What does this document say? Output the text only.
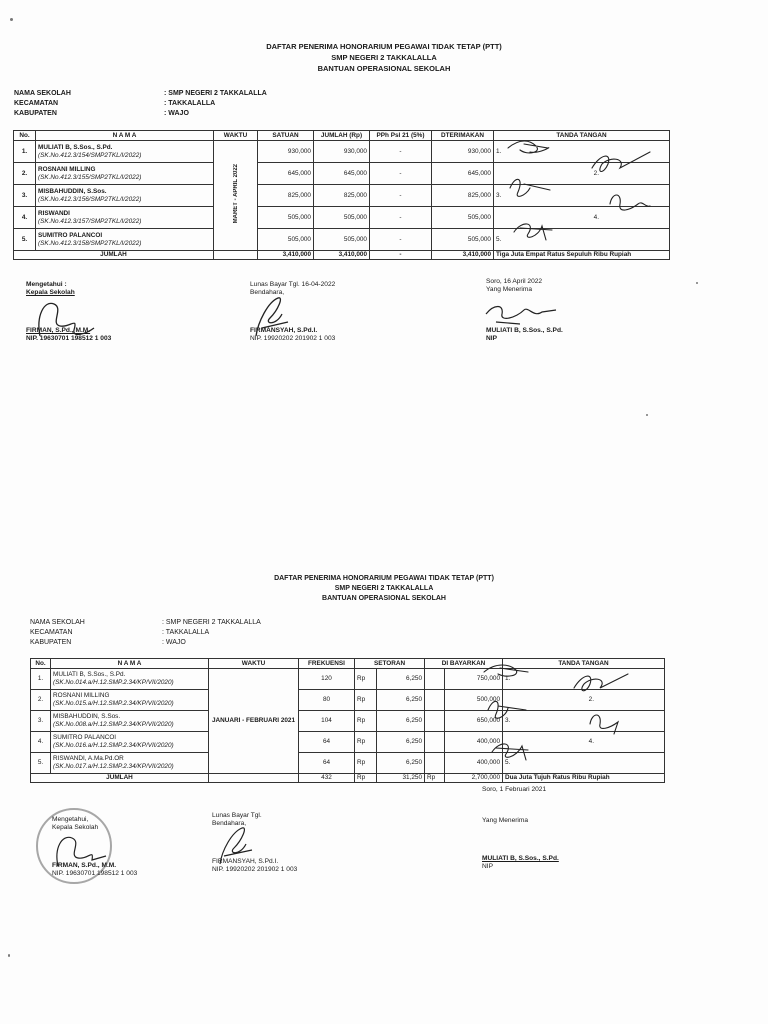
DAFTAR PENERIMA HONORARIUM PEGAWAI TIDAK TETAP (PTT)
SMP NEGERI 2 TAKKALALLA
BANTUAN OPERASIONAL SEKOLAH
NAMA SEKOLAH	: SMP NEGERI 2 TAKKALALLA
KECAMATAN	: TAKKALALLA
KABUPATEN	: WAJO
No.	N A M A	WAKTU	SATUAN	JUMLAH (Rp)	PPh Psl 21 (5%)	DTERIMAKAN	TANDA TANGAN
1.	MULIATI B, S.Sos., S.Pd.
(SK.No.412.3/154/SMP2TKL/I/2022)	MARET - APRIL 2022	930,000	930,000	-	930,000	1.
2.	ROSNANI MILLING
(SK.No.412.3/155/SMP2TKL/I/2022)		645,000	645,000	-	645,000	2.
3.	MISBAHUDDIN, S.Sos.
(SK.No.412.3/156/SMP2TKL/I/2022)		825,000	825,000	-	825,000	3.
4.	RISWANDI
(SK.No.412.3/157/SMP2TKL/I/2022)		505,000	505,000	-	505,000	4.
5.	SUMITRO PALANCOI
(SK.No.412.3/158/SMP2TKL/I/2022)		505,000	505,000	-	505,000	5.
JUMLAH			3,410,000	3,410,000	-	3,410,000	Tiga Juta Empat Ratus Sepuluh Ribu Rupiah
Mengetahui :
Kepala Sekolah
FIRMAN, S.Pd., M.M.
NIP. 19630701 198512 1 003
Lunas Bayar Tgl. 16-04-2022
Bendahara,
FIRMANSYAH, S.Pd.I.
NIP. 19920202 201902 1 003
Soro, 16 April 2022
Yang Menerima
MULIATI B, S.Sos., S.Pd.
NIP
DAFTAR PENERIMA HONORARIUM PEGAWAI TIDAK TETAP (PTT)
SMP NEGERI 2 TAKKALALLA
BANTUAN OPERASIONAL SEKOLAH
NAMA SEKOLAH	: SMP NEGERI 2 TAKKALALLA
KECAMATAN	: TAKKALALLA
KABUPATEN	: WAJO
No.	N A M A	WAKTU	FREKUENSI	SETORAN		DI BAYARKAN		TANDA TANGAN
1.	MULIATI B, S.Sos., S.Pd.
(SK.No.014.a/H.12.SMP.2.34/KP/VII/2020)	JANUARI - FEBRUARI 2021	120	Rp	6,250		750,000	1.
2.	ROSNANI MILLING
(SK.No.015.a/H.12.SMP.2.34/KP/VII/2020)		80	Rp	6,250		500,000	2.
3.	MISBAHUDDIN, S.Sos.
(SK.No.008.a/H.12.SMP.2.34/KP/VII/2020)		104	Rp	6,250		650,000	3.
4.	SUMITRO PALANCOI
(SK.No.016.a/H.12.SMP.2.34/KP/VII/2020)		64	Rp	6,250		400,000	4.
5.	RISWANDI, A.Ma.Pd.OR
(SK.No.017.a/H.12.SMP.2.34/KP/VII/2020)		64	Rp	6,250		400,000	5.
JUMLAH			432	Rp	31,250	Rp	2,700,000	Dua Juta Tujuh Ratus Ribu Rupiah
Soro, 1 Februari 2021
Mengetahui,
Kepala Sekolah
FIRMAN, S.Pd., M.M.
NIP. 19630701 198512 1 003
Lunas Bayar Tgl.
Bendahara,
FIRMANSYAH, S.Pd.I.
NIP. 19920202 201902 1 003
Yang Menerima
MULIATI B, S.Sos., S.Pd.
NIP
